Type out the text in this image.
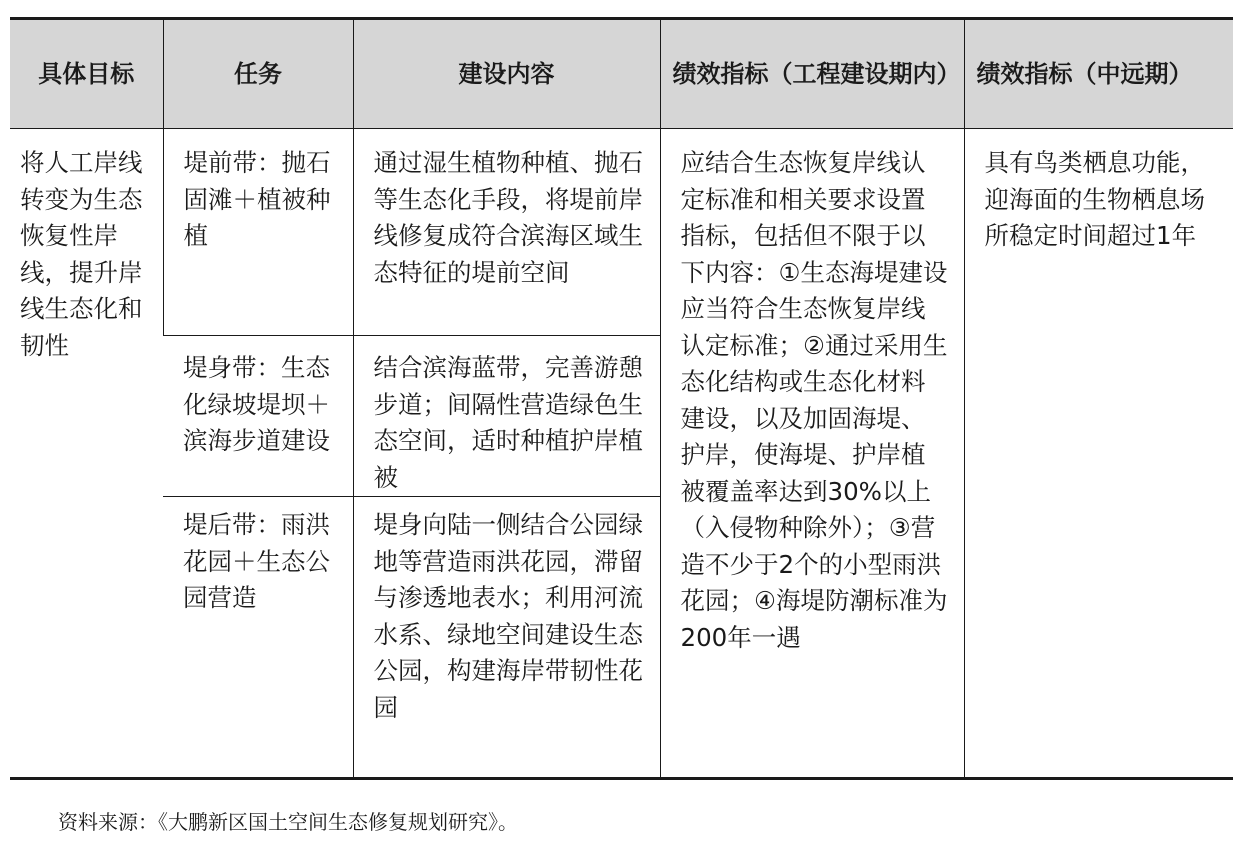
具体目标	任务	建设内容	绩效指标（工程建设期内）	绩效指标（中远期）
将人工岸线转变为生态恢复性岸线，提升岸线生态化和韧性	堤前带：抛石固滩＋植被种植	通过湿生植物种植、抛石等生态化手段，将堤前岸线修复成符合滨海区域生态特征的堤前空间	应结合生态恢复岸线认定标准和相关要求设置指标，包括但不限于以下内容：①生态海堤建设应当符合生态恢复岸线认定标准；②通过采用生态化结构或生态化材料建设，以及加固海堤、护岸，使海堤、护岸植被覆盖率达到30%以上（入侵物种除外）；③营造不少于2个的小型雨洪花园；④海堤防潮标准为200年一遇	具有鸟类栖息功能，迎海面的生物栖息场所稳定时间超过1年
	堤身带：生态化绿坡堤坝＋滨海步道建设	结合滨海蓝带，完善游憩步道；间隔性营造绿色生态空间，适时种植护岸植被		
	堤后带：雨洪花园＋生态公园营造	堤身向陆一侧结合公园绿地等营造雨洪花园，滞留与渗透地表水；利用河流水系、绿地空间建设生态公园，构建海岸带韧性花园		
资料来源：《大鹏新区国土空间生态修复规划研究》。
